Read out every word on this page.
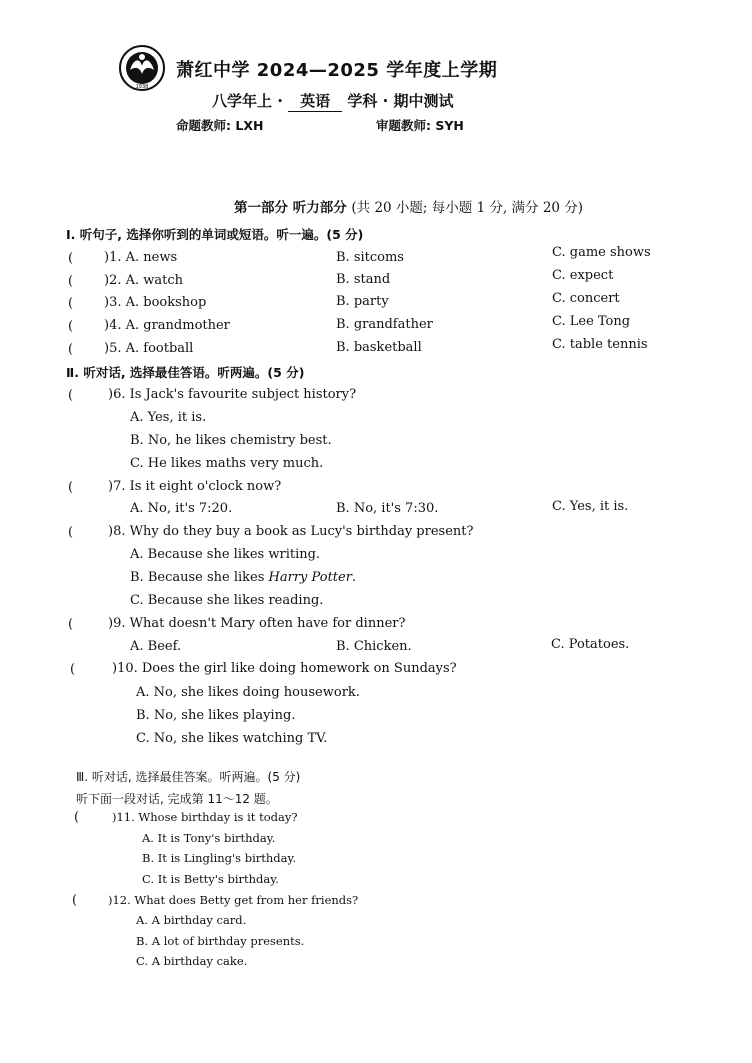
1938
萧红中学 2024—2025 学年度上学期
八学年上 · 英语 学科 · 期中测试
命题教师: LXH	审题教师: SYH
第一部分 听力部分 (共 20 小题; 每小题 1 分, 满分 20 分)
Ⅰ. 听句子, 选择你听到的单词或短语。听一遍。(5 分)
( )1. A. news	B. sitcoms	C. game shows
( )2. A. watch	B. stand	C. expect
( )3. A. bookshop	B. party	C. concert
( )4. A. grandmother	B. grandfather	C. Lee Tong
( )5. A. football	B. basketball	C. table tennis
Ⅱ. 听对话, 选择最佳答语。听两遍。(5 分)
(	)6. Is Jack's favourite subject history?
A. Yes, it is.
B. No, he likes chemistry best.
C. He likes maths very much.
(	)7. Is it eight o'clock now?
A. No, it's 7:20.	B. No, it's 7:30.	C. Yes, it is.
(	)8. Why do they buy a book as Lucy's birthday present?
A. Because she likes writing.
B. Because she likes Harry Potter.
C. Because she likes reading.
(	)9. What doesn't Mary often have for dinner?
A. Beef.	B. Chicken.	C. Potatoes.
(	)10. Does the girl like doing homework on Sundays?
A. No, she likes doing housework.
B. No, she likes playing.
C. No, she likes watching TV.
Ⅲ. 听对话, 选择最佳答案。听两遍。(5 分)
听下面一段对话, 完成第 11～12 题。
(	)11. Whose birthday is it today?
A. It is Tony's birthday.
B. It is Lingling's birthday.
C. It is Betty's birthday.
(	)12. What does Betty get from her friends?
A. A birthday card.
B. A lot of birthday presents.
C. A birthday cake.
